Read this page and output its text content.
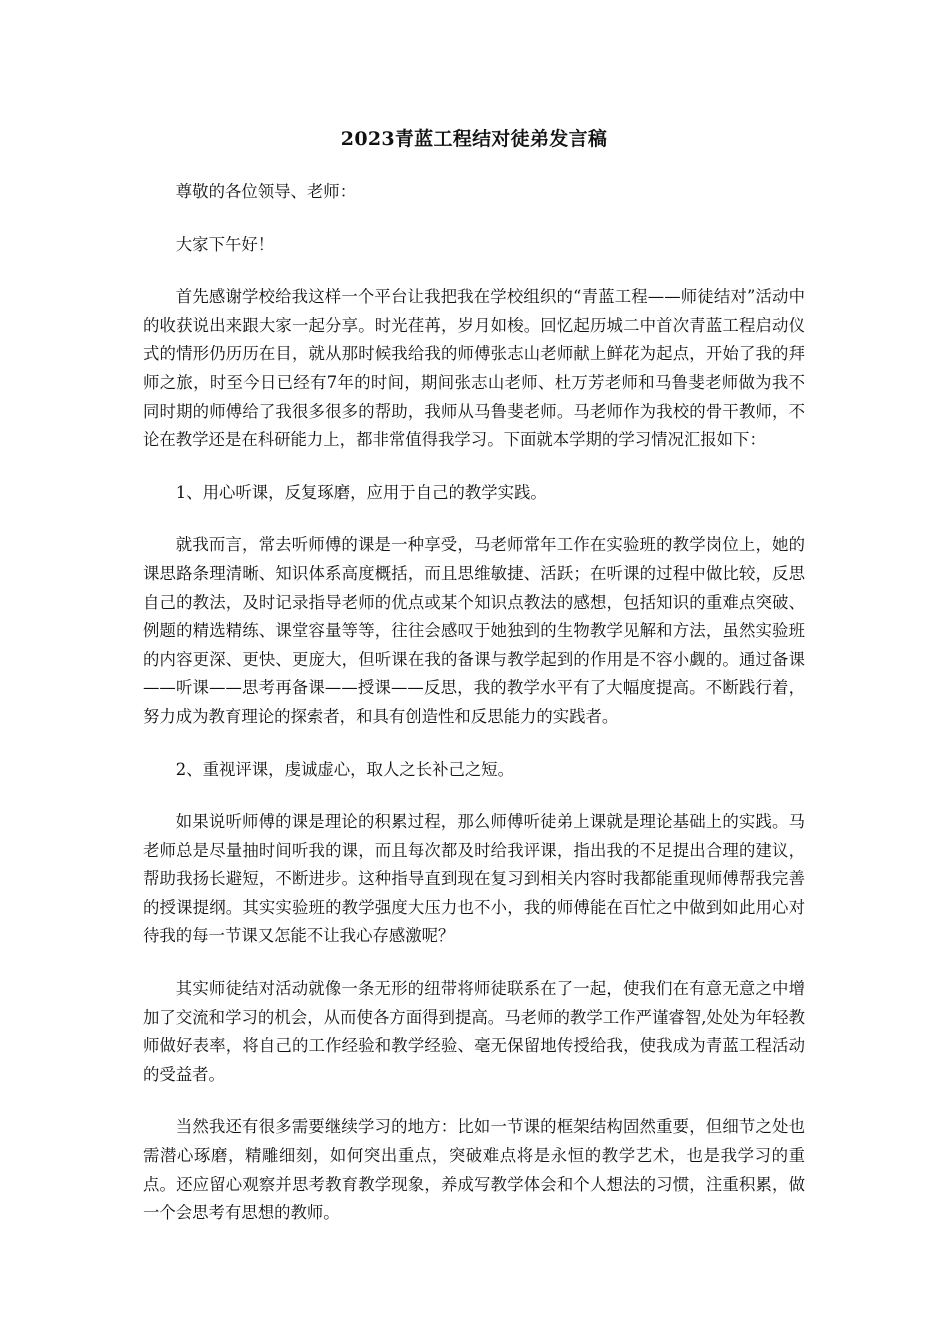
2023青蓝工程结对徒弟发言稿

尊敬的各位领导、老师：

大家下午好！

首先感谢学校给我这样一个平台让我把我在学校组织的“青蓝工程——师徒结对”活动中的收获说出来跟大家一起分享。时光荏苒，岁月如梭。回忆起历城二中首次青蓝工程启动仪式的情形仍历历在目，就从那时候我给我的师傅张志山老师献上鲜花为起点，开始了我的拜师之旅，时至今日已经有7年的时间，期间张志山老师、杜万芳老师和马鲁斐老师做为我不同时期的师傅给了我很多很多的帮助，我师从马鲁斐老师。马老师作为我校的骨干教师，不论在教学还是在科研能力上，都非常值得我学习。下面就本学期的学习情况汇报如下：

1、用心听课，反复琢磨，应用于自己的教学实践。

就我而言，常去听师傅的课是一种享受，马老师常年工作在实验班的教学岗位上，她的课思路条理清晰、知识体系高度概括，而且思维敏捷、活跃；在听课的过程中做比较，反思自己的教法，及时记录指导老师的优点或某个知识点教法的感想，包括知识的重难点突破、例题的精选精练、课堂容量等等，往往会感叹于她独到的生物教学见解和方法，虽然实验班的内容更深、更快、更庞大，但听课在我的备课与教学起到的作用是不容小觑的。通过备课——听课——思考再备课——授课——反思，我的教学水平有了大幅度提高。不断践行着，努力成为教育理论的探索者，和具有创造性和反思能力的实践者。

2、重视评课，虔诚虚心，取人之长补己之短。

如果说听师傅的课是理论的积累过程，那么师傅听徒弟上课就是理论基础上的实践。马老师总是尽量抽时间听我的课，而且每次都及时给我评课，指出我的不足提出合理的建议，帮助我扬长避短，不断进步。这种指导直到现在复习到相关内容时我都能重现师傅帮我完善的授课提纲。其实实验班的教学强度大压力也不小，我的师傅能在百忙之中做到如此用心对待我的每一节课又怎能不让我心存感激呢？

其实师徒结对活动就像一条无形的纽带将师徒联系在了一起，使我们在有意无意之中增加了交流和学习的机会，从而使各方面得到提高。马老师的教学工作严谨睿智,处处为年轻教师做好表率，将自己的工作经验和教学经验、毫无保留地传授给我，使我成为青蓝工程活动的受益者。

当然我还有很多需要继续学习的地方：比如一节课的框架结构固然重要，但细节之处也需潜心琢磨，精雕细刻，如何突出重点，突破难点将是永恒的教学艺术，也是我学习的重点。还应留心观察并思考教育教学现象，养成写教学体会和个人想法的习惯，注重积累，做一个会思考有思想的教师。
